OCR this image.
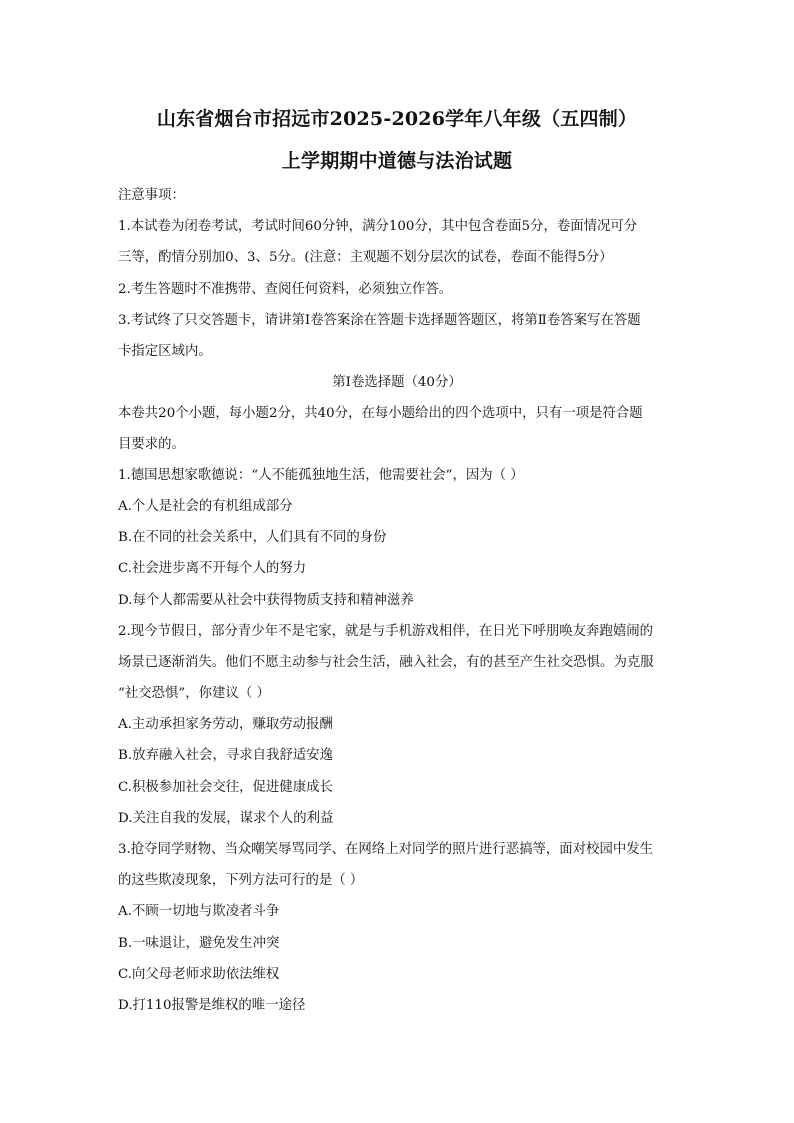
山东省烟台市招远市2025-2026学年八年级（五四制）
上学期期中道德与法治试题
注意事项：
1.本试卷为闭卷考试，考试时间60分钟，满分100分，其中包含卷面5分，卷面情况可分
三等，酌情分别加0、3、5分。(注意：主观题不划分层次的试卷，卷面不能得5分）
2.考生答题时不准携带、查阅任何资料，必须独立作答。
3.考试终了只交答题卡，请讲第Ⅰ卷答案涂在答题卡选择题答题区，将第Ⅱ卷答案写在答题
卡指定区域内。
第Ⅰ卷选择题（40分）
本卷共20个小题，每小题2分，共40分，在每小题给出的四个选项中，只有一项是符合题
目要求的。
1.德国思想家歌德说：“人不能孤独地生活，他需要社会”，因为（ ）
A.个人是社会的有机组成部分
B.在不同的社会关系中，人们具有不同的身份
C.社会进步离不开每个人的努力
D.每个人都需要从社会中获得物质支持和精神滋养
2.现今节假日，部分青少年不是宅家，就是与手机游戏相伴，在日光下呼朋唤友奔跑嬉闹的
场景已逐渐消失。他们不愿主动参与社会生活，融入社会，有的甚至产生社交恐惧。为克服
“社交恐惧”，你建议（ ）
A.主动承担家务劳动，赚取劳动报酬
B.放弃融入社会，寻求自我舒适安逸
C.积极参加社会交往，促进健康成长
D.关注自我的发展，谋求个人的利益
3.抢夺同学财物、当众嘲笑辱骂同学、在网络上对同学的照片进行恶搞等，面对校园中发生
的这些欺凌现象，下列方法可行的是（ ）
A.不顾一切地与欺凌者斗争
B.一味退让，避免发生冲突
C.向父母老师求助依法维权
D.打110报警是维权的唯一途径
